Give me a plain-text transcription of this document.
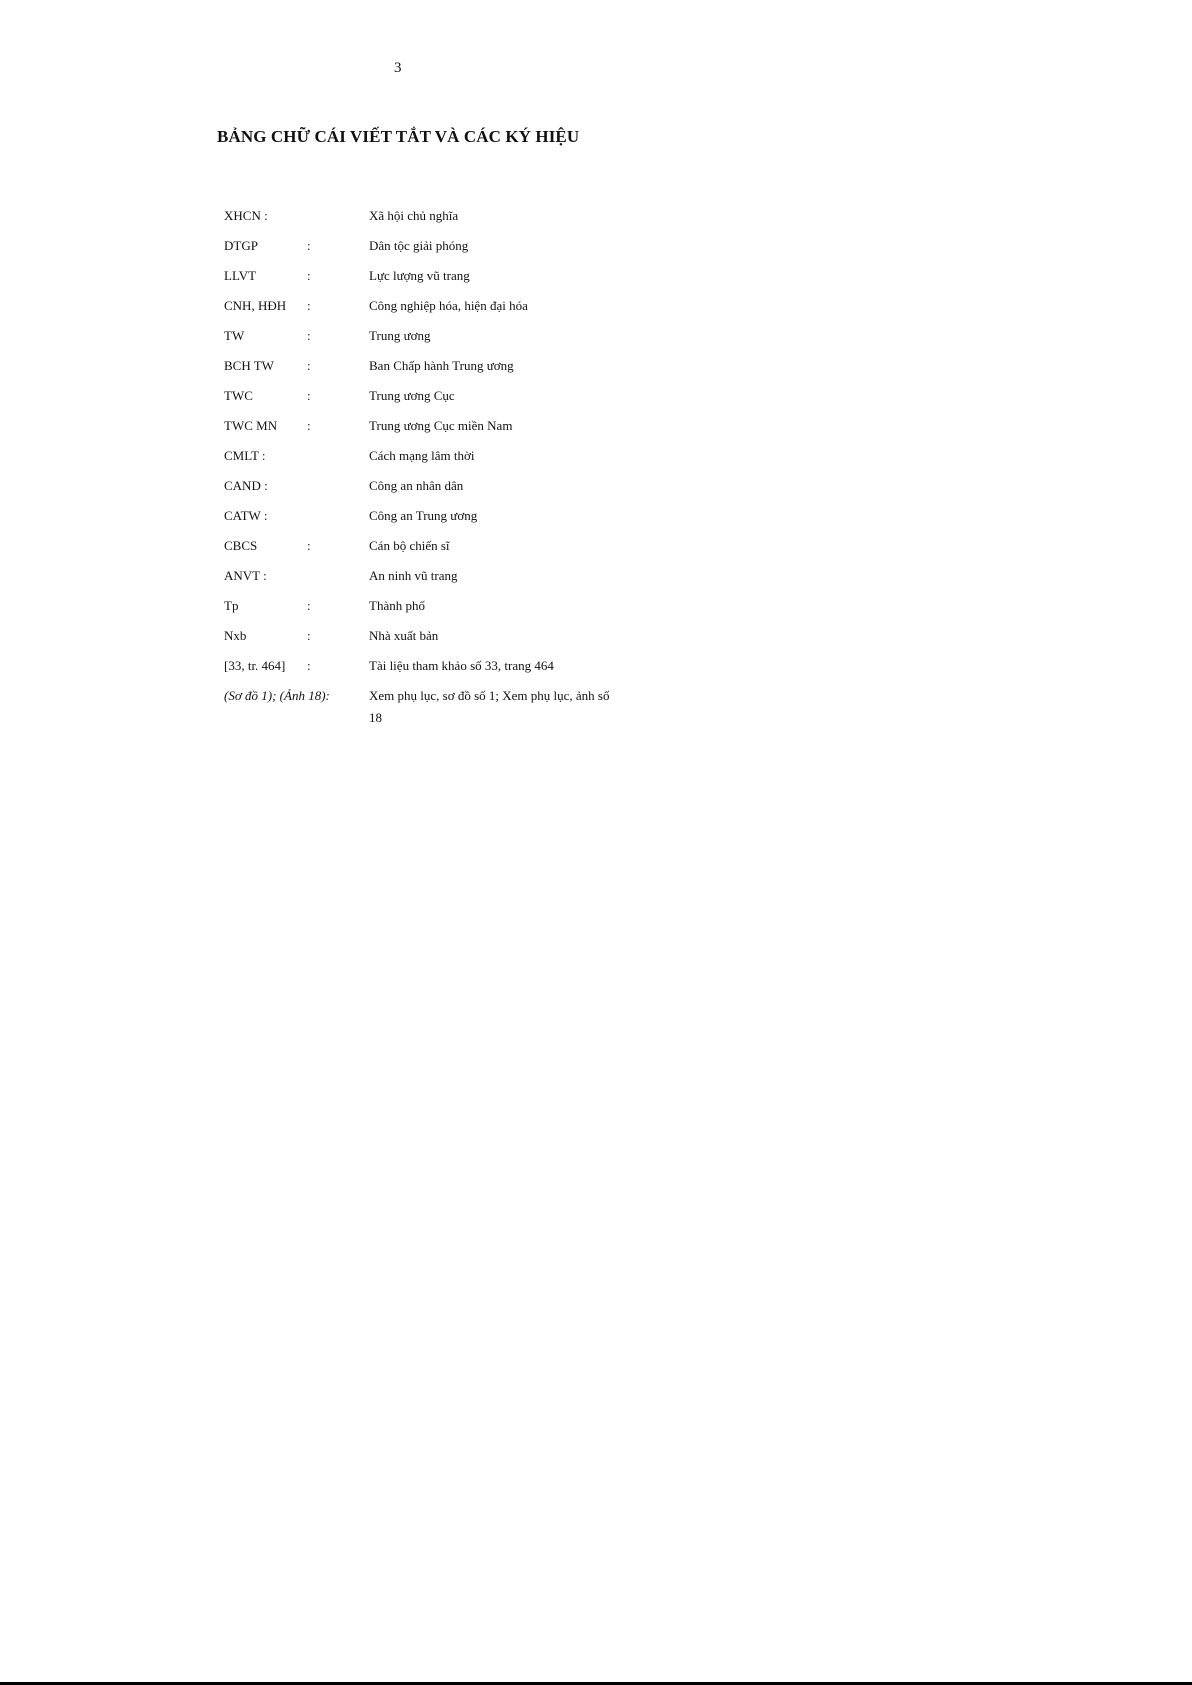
3
BẢNG CHỮ CÁI VIẾT TẮT VÀ CÁC KÝ HIỆU
XHCN :	Xã hội chủ nghĩa
DTGP	:	Dân tộc giải phóng
LLVT	:	Lực lượng vũ trang
CNH, HĐH :	Công nghiệp hóa, hiện đại hóa
TW	:	Trung ương
BCH TW	:	Ban Chấp hành Trung ương
TWC	:	Trung ương Cục
TWC MN :	Trung ương Cục miền Nam
CMLT :	Cách mạng lâm thời
CAND :	Công an nhân dân
CATW :	Công an Trung ương
CBCS	:	Cán bộ chiến sĩ
ANVT :	An ninh vũ trang
Tp	:	Thành phố
Nxb	:	Nhà xuất bản
[33, tr. 464] :	Tài liệu tham khảo số 33, trang 464
(Sơ đồ 1); (Ảnh 18):	Xem phụ lục, sơ đồ số 1; Xem phụ lục, ảnh số
18
